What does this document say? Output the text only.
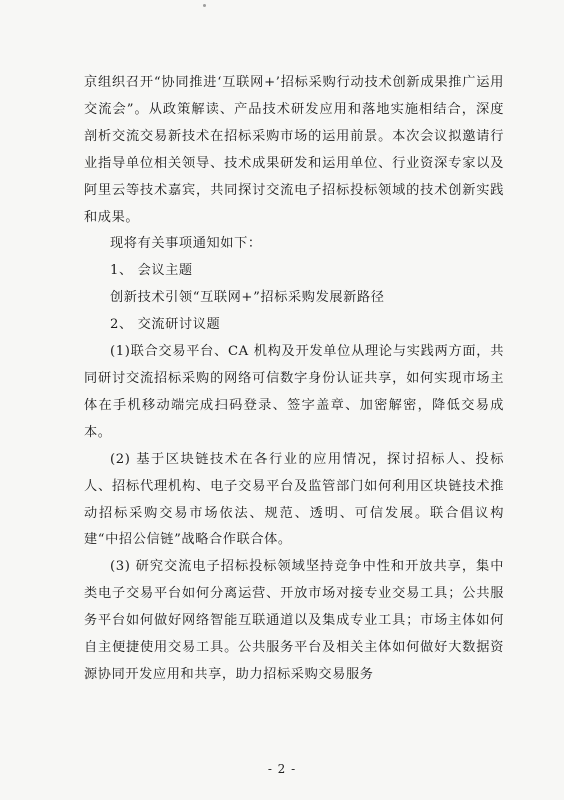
京组织召开“协同推进‘互联网+’招标采购行动技术创新成果推广运用交流会”。从政策解读、产品技术研发应用和落地实施相结合，深度剖析交流交易新技术在招标采购市场的运用前景。本次会议拟邀请行业指导单位相关领导、技术成果研发和运用单位、行业资深专家以及阿里云等技术嘉宾，共同探讨交流电子招标投标领域的技术创新实践和成果。

现将有关事项通知如下：

1、 会议主题

创新技术引领“互联网+”招标采购发展新路径

2、 交流研讨议题

(1)联合交易平台、CA 机构及开发单位从理论与实践两方面，共同研讨交流招标采购的网络可信数字身份认证共享，如何实现市场主体在手机移动端完成扫码登录、签字盖章、加密解密，降低交易成本。

(2) 基于区块链技术在各行业的应用情况，探讨招标人、投标人、招标代理机构、电子交易平台及监管部门如何利用区块链技术推动招标采购交易市场依法、规范、透明、可信发展。联合倡议构建“中招公信链”战略合作联合体。

(3) 研究交流电子招标投标领域坚持竞争中性和开放共享，集中类电子交易平台如何分离运营、开放市场对接专业交易工具；公共服务平台如何做好网络智能互联通道以及集成专业工具；市场主体如何自主便捷使用交易工具。公共服务平台及相关主体如何做好大数据资源协同开发应用和共享，助力招标采购交易服务

- 2 -
